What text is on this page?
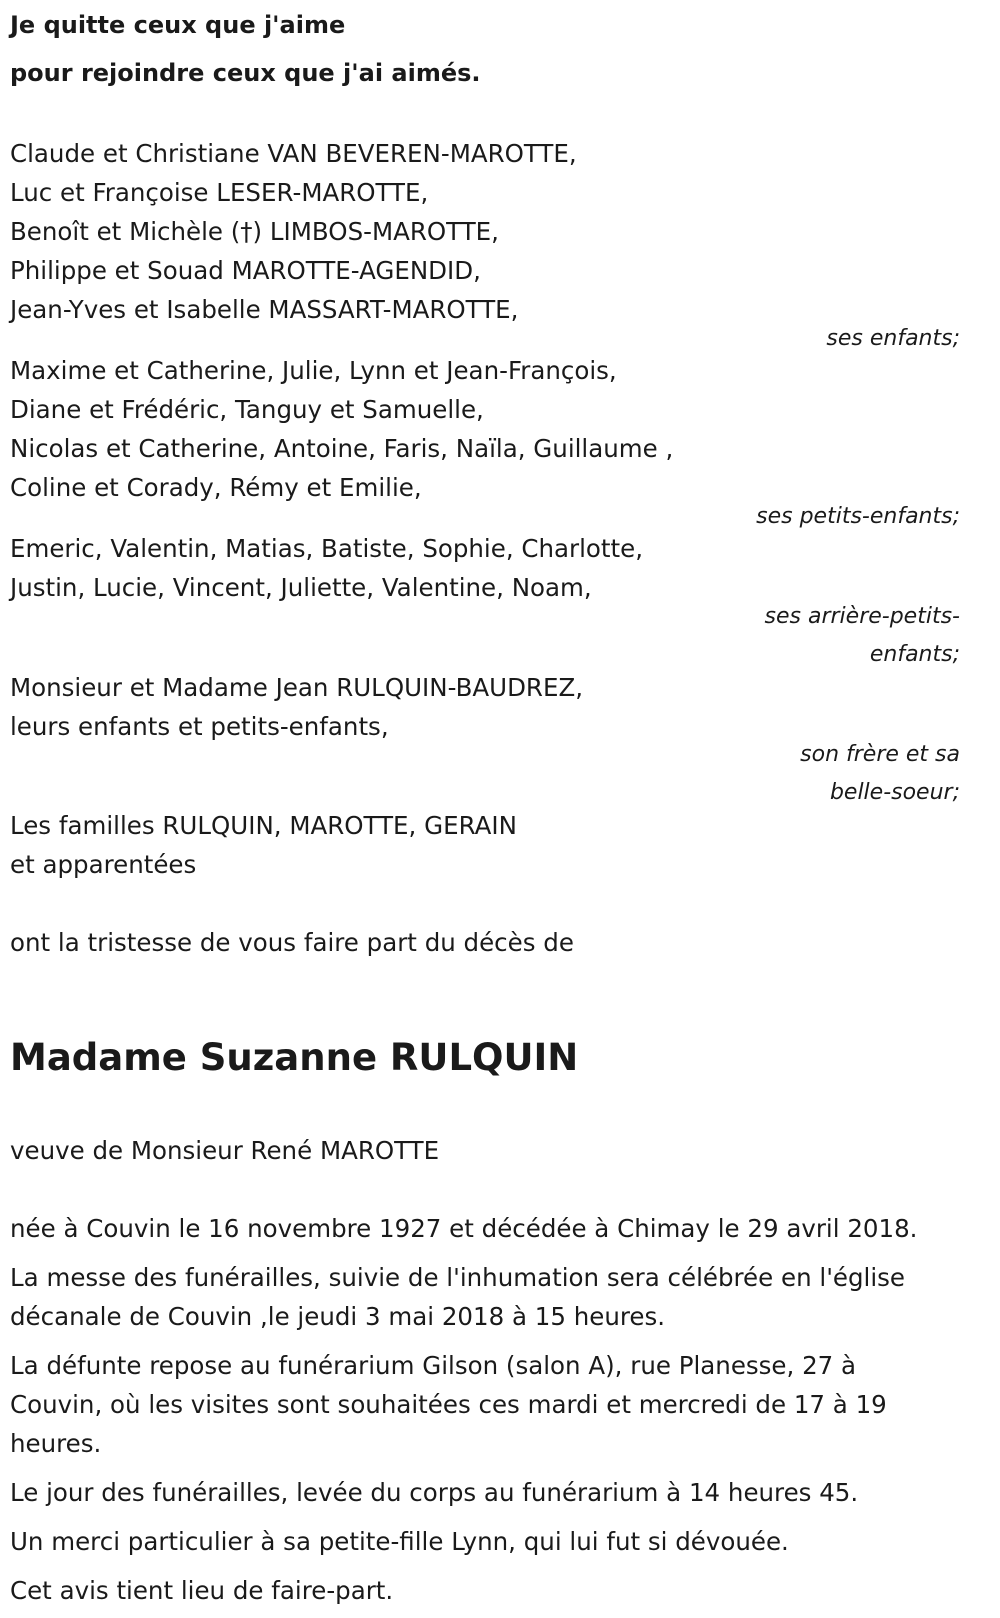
Je quitte ceux que j'aime
pour rejoindre ceux que j'ai aimés.
Claude et Christiane VAN BEVEREN-MAROTTE,
Luc et Françoise LESER-MAROTTE,
Benoît et Michèle (†) LIMBOS-MAROTTE,
Philippe et Souad MAROTTE-AGENDID,
Jean-Yves et Isabelle MASSART-MAROTTE,
ses enfants;
Maxime et Catherine, Julie, Lynn et Jean-François,
Diane et Frédéric, Tanguy et Samuelle,
Nicolas et Catherine, Antoine, Faris, Naïla, Guillaume ,
Coline et Corady, Rémy et Emilie,
ses petits-enfants;
Emeric, Valentin, Matias, Batiste, Sophie, Charlotte,
Justin, Lucie, Vincent, Juliette, Valentine, Noam,
ses arrière-petits-
enfants;
Monsieur et Madame Jean RULQUIN-BAUDREZ,
leurs enfants et petits-enfants,
son frère et sa
belle-soeur;
Les familles RULQUIN, MAROTTE, GERAIN
et apparentées
ont la tristesse de vous faire part du décès de
Madame Suzanne RULQUIN
veuve de Monsieur René MAROTTE
née à Couvin le 16 novembre 1927 et décédée à Chimay le 29 avril 2018.
La messe des funérailles, suivie de l'inhumation sera célébrée en l'église
décanale de Couvin ,le jeudi 3 mai 2018 à 15 heures.
La défunte repose au funérarium Gilson (salon A), rue Planesse, 27 à
Couvin, où les visites sont souhaitées ces mardi et mercredi de 17 à 19
heures.
Le jour des funérailles, levée du corps au funérarium à 14 heures 45.
Un merci particulier à sa petite-fille Lynn, qui lui fut si dévouée.
Cet avis tient lieu de faire-part.
